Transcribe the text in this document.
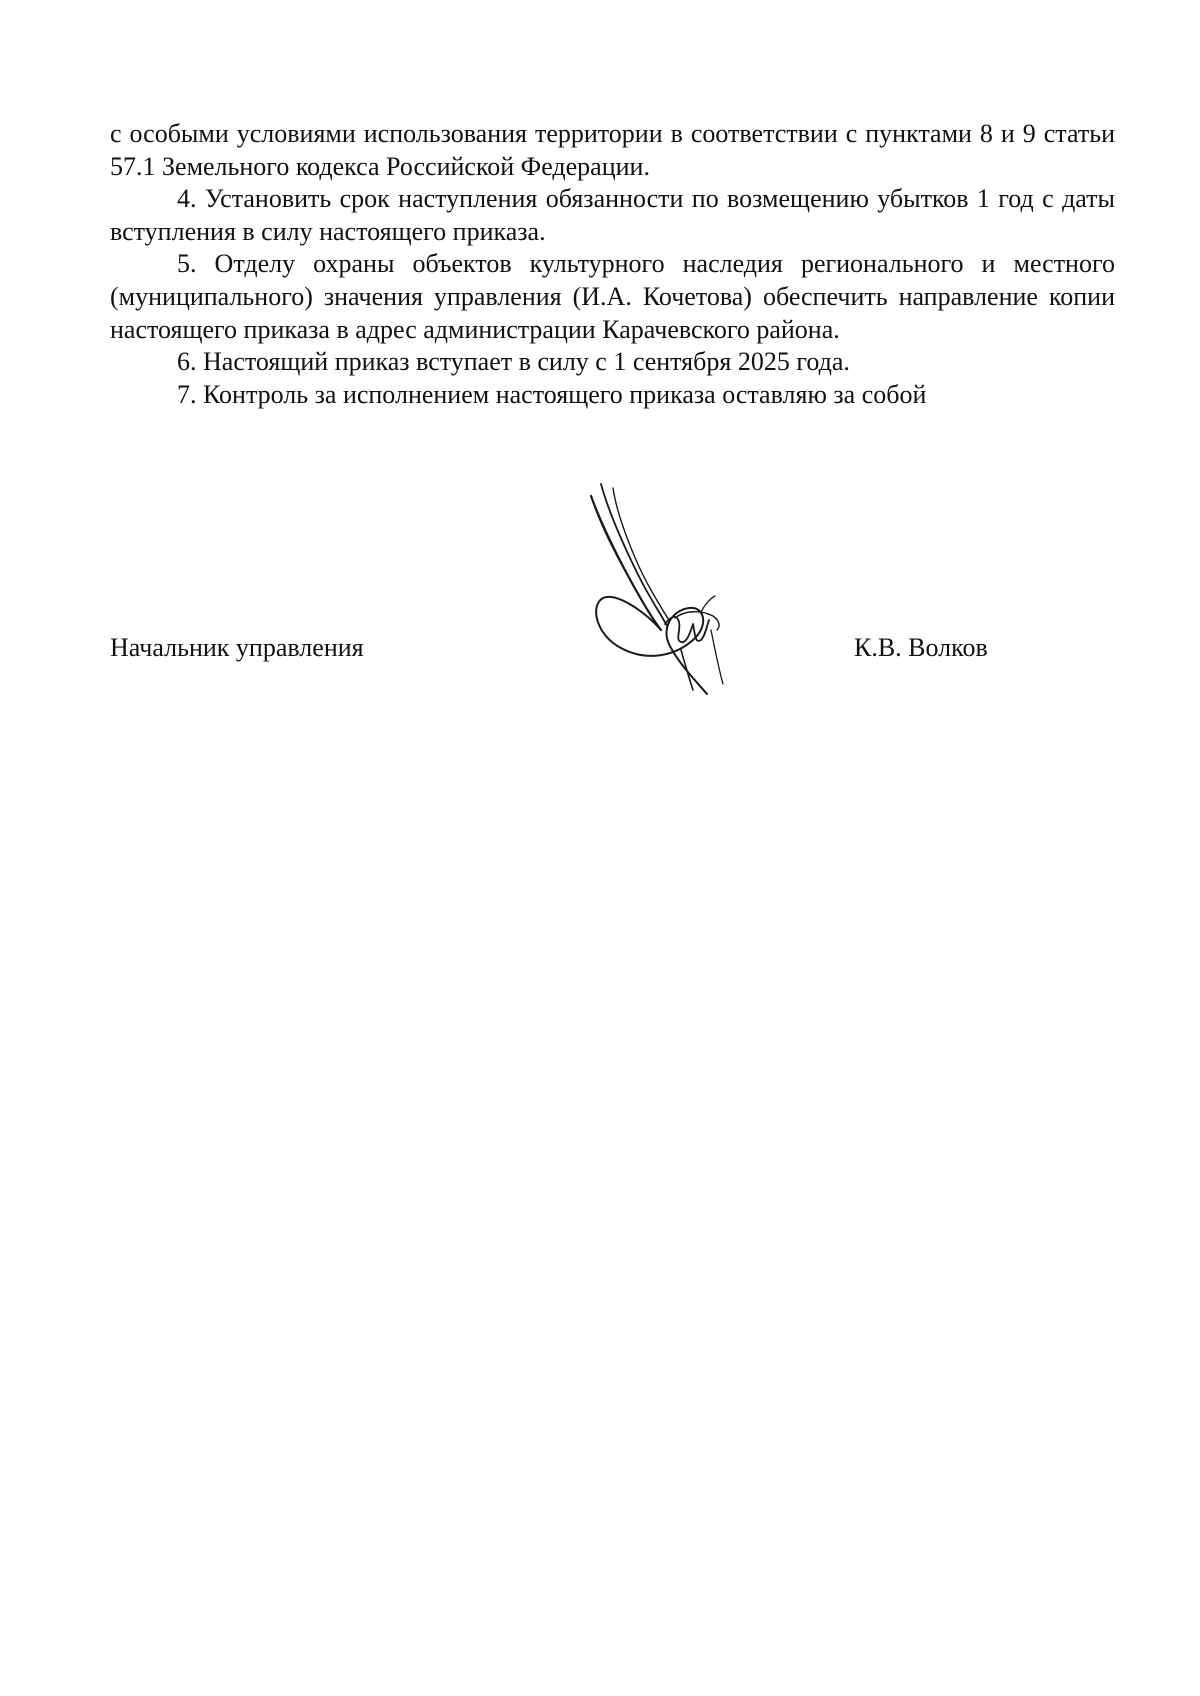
с особыми условиями использования территории в соответствии с пунктами 8 и 9 статьи 57.1 Земельного кодекса Российской Федерации.

4. Установить срок наступления обязанности по возмещению убытков 1 год с даты вступления в силу настоящего приказа.

5. Отделу охраны объектов культурного наследия регионального и местного (муниципального) значения управления (И.А. Кочетова) обеспечить направление копии настоящего приказа в адрес администрации Карачевского района.

6. Настоящий приказ вступает в силу с 1 сентября 2025 года.

7. Контроль за исполнением настоящего приказа оставляю за собой

Начальник управления	К.В. Волков
